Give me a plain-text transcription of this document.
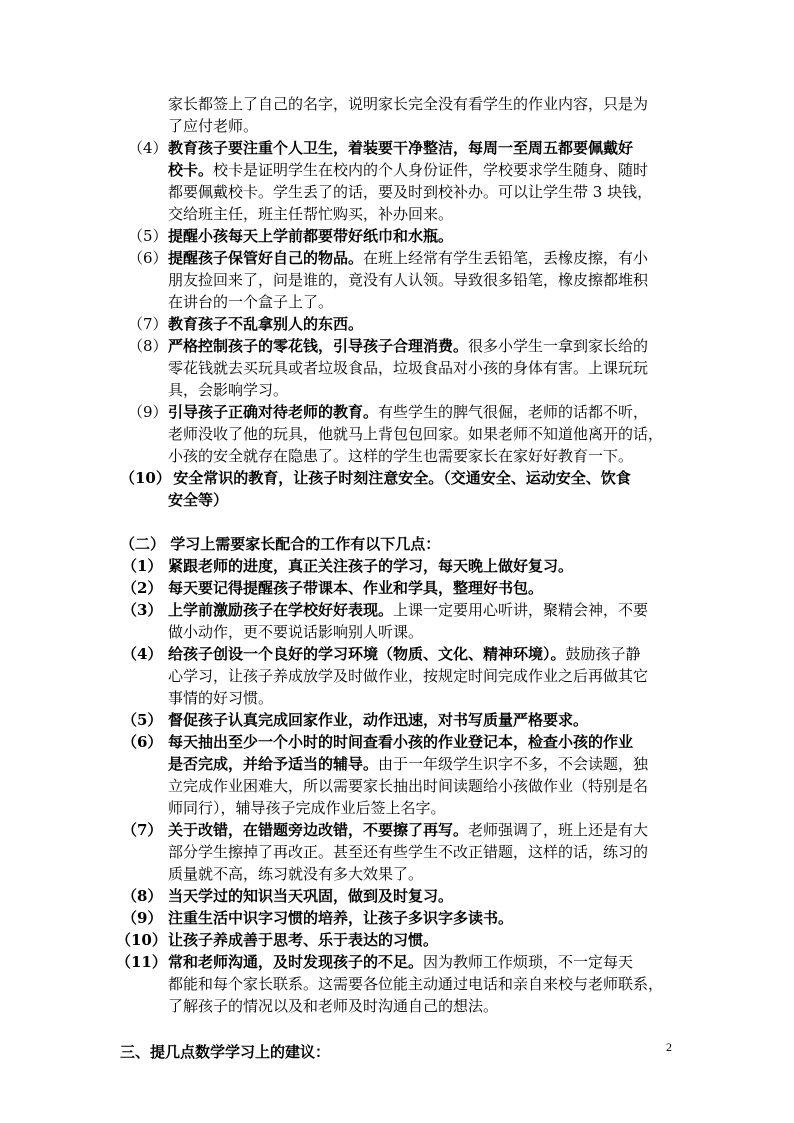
家长都签上了自己的名字，说明家长完全没有看学生的作业内容，只是为

了应付老师。

（4）教育孩子要注重个人卫生，着装要干净整洁，每周一至周五都要佩戴好

校卡。校卡是证明学生在校内的个人身份证件，学校要求学生随身、随时

都要佩戴校卡。学生丢了的话，要及时到校补办。可以让学生带 3 块钱，

交给班主任，班主任帮忙购买，补办回来。

（5）提醒小孩每天上学前都要带好纸巾和水瓶。

（6）提醒孩子保管好自己的物品。在班上经常有学生丢铅笔，丢橡皮擦，有小

朋友捡回来了，问是谁的，竟没有人认领。导致很多铅笔，橡皮擦都堆积

在讲台的一个盒子上了。

（7）教育孩子不乱拿别人的东西。

（8）严格控制孩子的零花钱，引导孩子合理消费。很多小学生一拿到家长给的

零花钱就去买玩具或者垃圾食品，垃圾食品对小孩的身体有害。上课玩玩

具，会影响学习。

（9）引导孩子正确对待老师的教育。有些学生的脾气很倔，老师的话都不听，

老师没收了他的玩具，他就马上背包包回家。如果老师不知道他离开的话，

小孩的安全就存在隐患了。这样的学生也需要家长在家好好教育一下。

（10） 安全常识的教育，让孩子时刻注意安全。（交通安全、运动安全、饮食

安全等）

（二） 学习上需要家长配合的工作有以下几点：

（1） 紧跟老师的进度，真正关注孩子的学习，每天晚上做好复习。

（2） 每天要记得提醒孩子带课本、作业和学具，整理好书包。

（3） 上学前激励孩子在学校好好表现。上课一定要用心听讲，聚精会神，不要

做小动作，更不要说话影响别人听课。

（4） 给孩子创设一个良好的学习环境（物质、文化、精神环境）。鼓励孩子静

心学习，让孩子养成放学及时做作业，按规定时间完成作业之后再做其它

事情的好习惯。

（5） 督促孩子认真完成回家作业，动作迅速，对书写质量严格要求。

（6） 每天抽出至少一个小时的时间查看小孩的作业登记本，检查小孩的作业

是否完成，并给予适当的辅导。由于一年级学生识字不多，不会读题，独

立完成作业困难大，所以需要家长抽出时间读题给小孩做作业（特别是名

师同行），辅导孩子完成作业后签上名字。

（7） 关于改错，在错题旁边改错，不要擦了再写。老师强调了，班上还是有大

部分学生擦掉了再改正。甚至还有些学生不改正错题，这样的话，练习的

质量就不高，练习就没有多大效果了。

（8） 当天学过的知识当天巩固，做到及时复习。

（9） 注重生活中识字习惯的培养，让孩子多识字多读书。

（10）让孩子养成善于思考、乐于表达的习惯。

（11）常和老师沟通，及时发现孩子的不足。因为教师工作烦琐，不一定每天

都能和每个家长联系。这需要各位能主动通过电话和亲自来校与老师联系，

了解孩子的情况以及和老师及时沟通自己的想法。

三、提几点数学学习上的建议：	2
